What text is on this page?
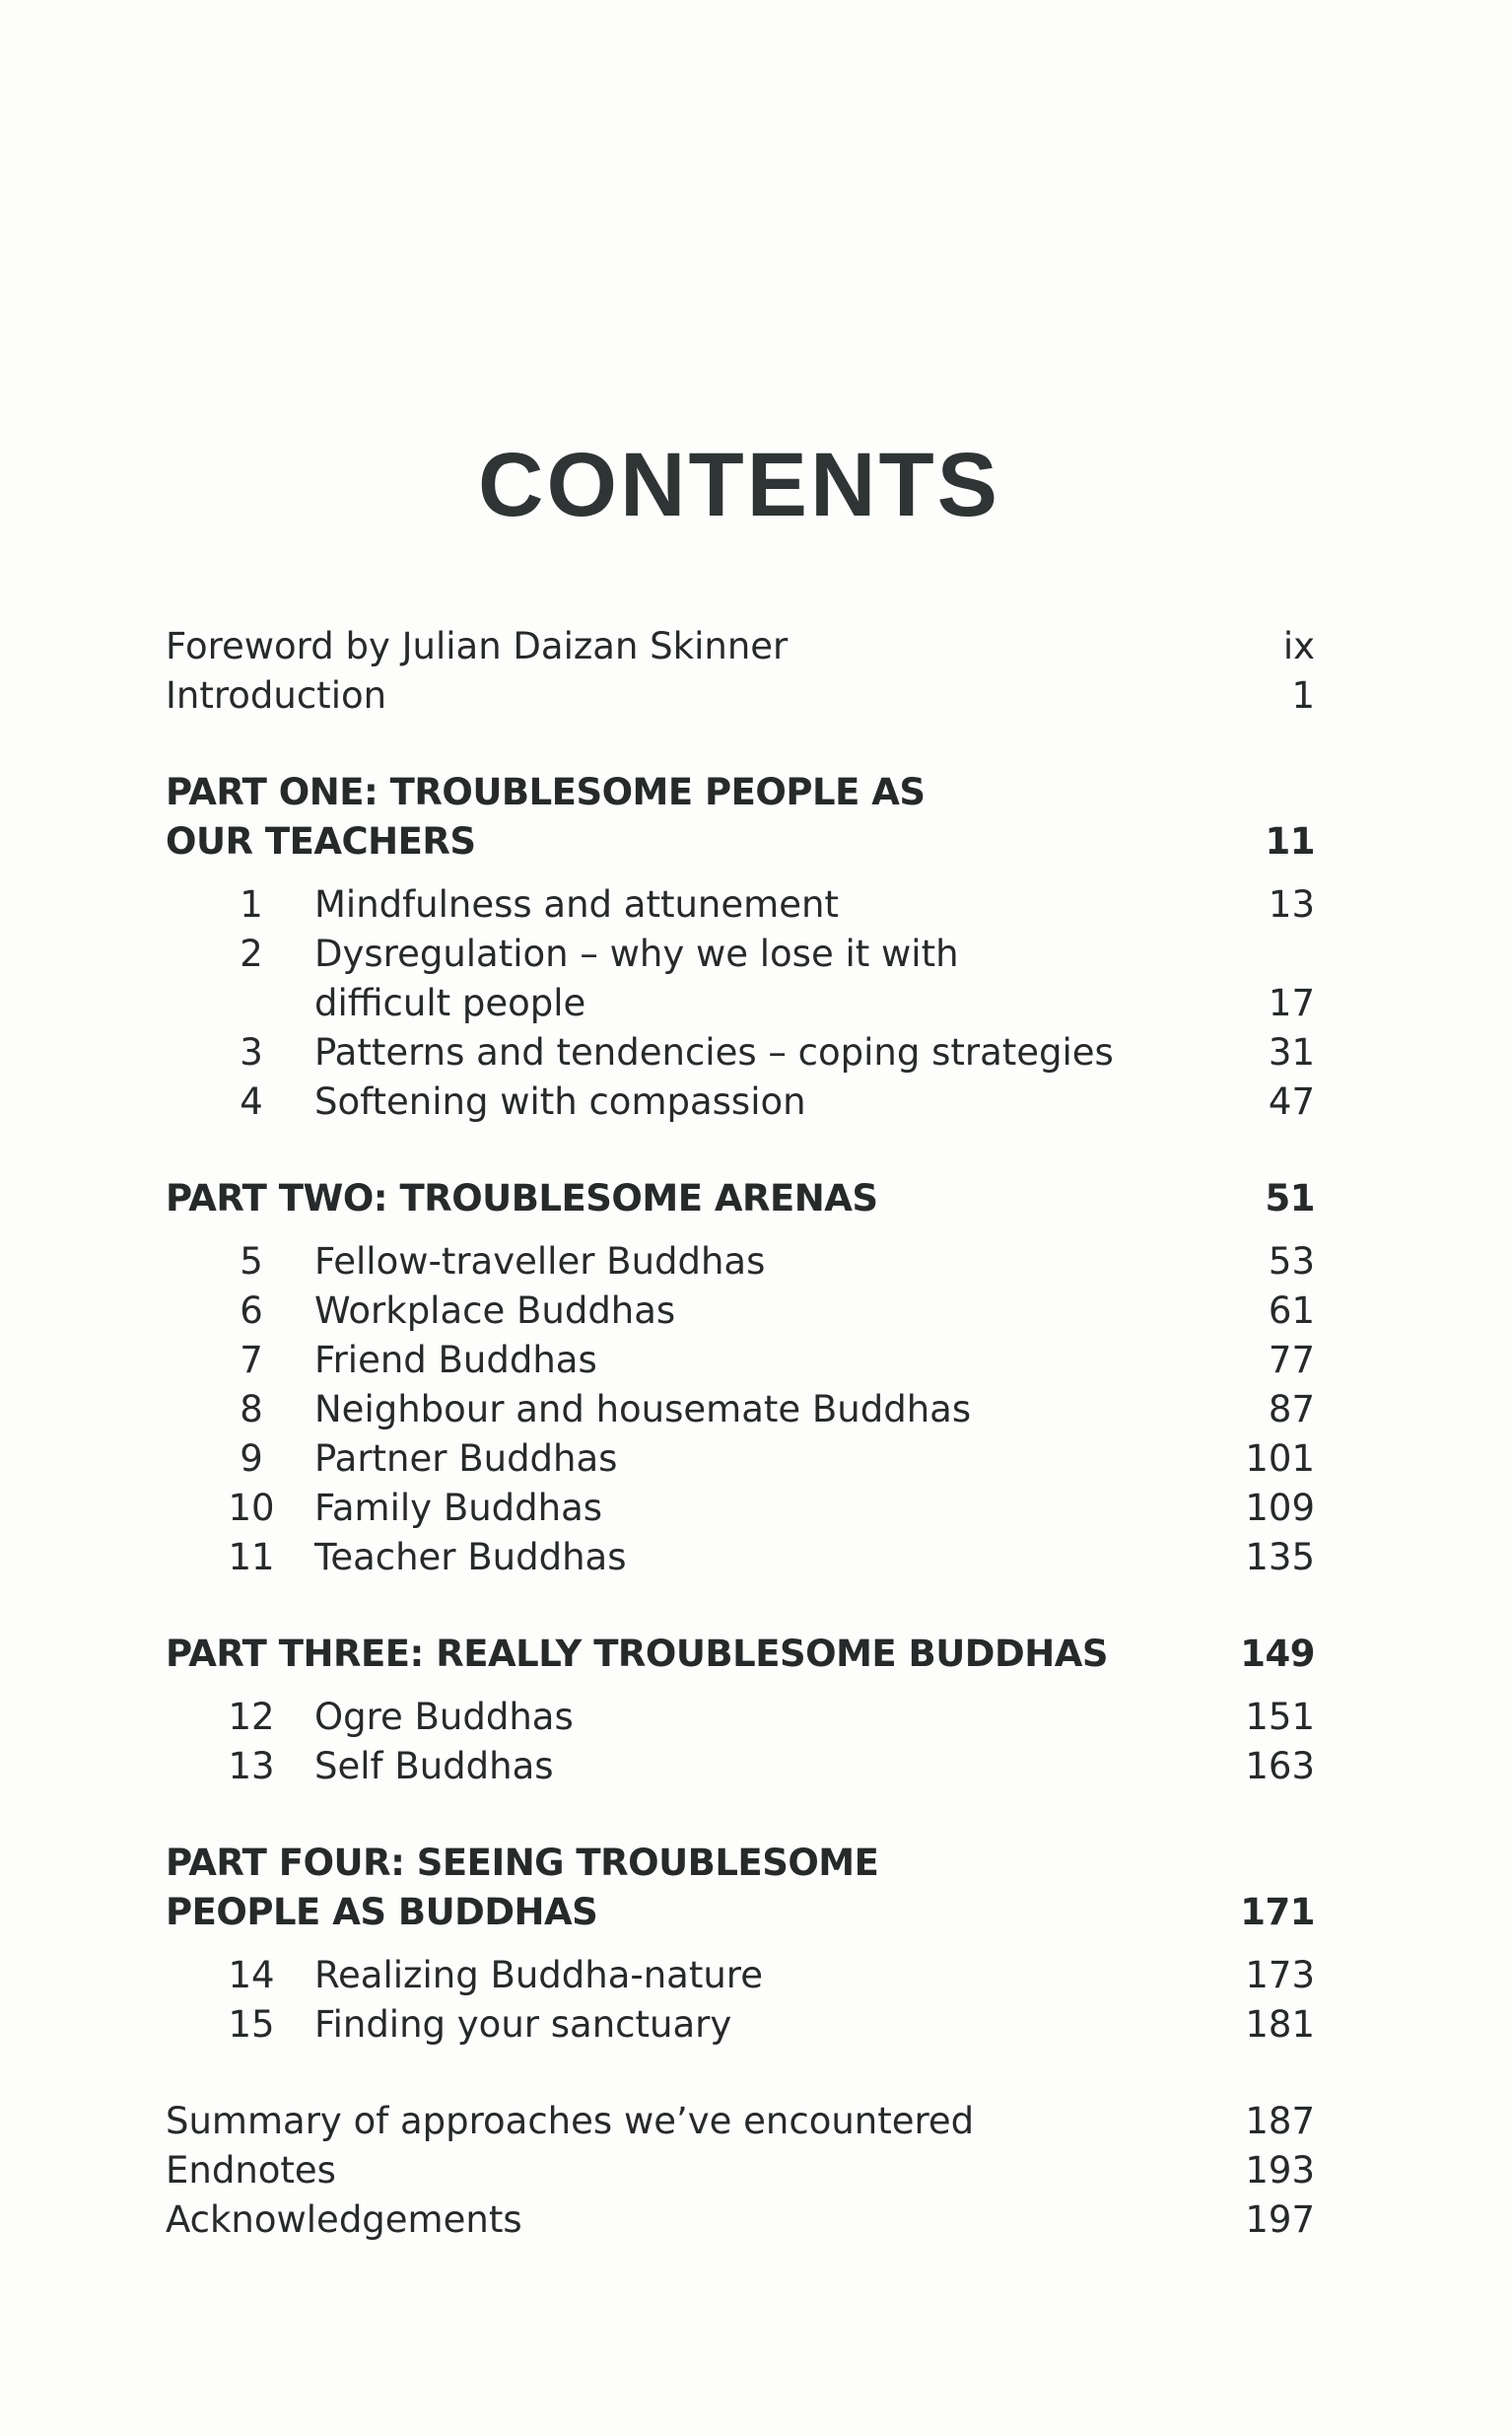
CONTENTS
Foreword by Julian Daizan Skinner	ix
Introduction	1
PART ONE: TROUBLESOME PEOPLE AS
OUR TEACHERS	11
1	Mindfulness and attunement	13
2	Dysregulation – why we lose it with
difficult people	17
3	Patterns and tendencies – coping strategies	31
4	Softening with compassion	47
PART TWO: TROUBLESOME ARENAS	51
5	Fellow-traveller Buddhas	53
6	Workplace Buddhas	61
7	Friend Buddhas	77
8	Neighbour and housemate Buddhas	87
9	Partner Buddhas	101
10 Family Buddhas	109
11 Teacher Buddhas	135
PART THREE: REALLY TROUBLESOME BUDDHAS	149
12 Ogre Buddhas	151
13 Self Buddhas	163
PART FOUR: SEEING TROUBLESOME
PEOPLE AS BUDDHAS	171
14 Realizing Buddha-nature	173
15 Finding your sanctuary	181
Summary of approaches we’ve encountered	187
Endnotes	193
Acknowledgements	197
